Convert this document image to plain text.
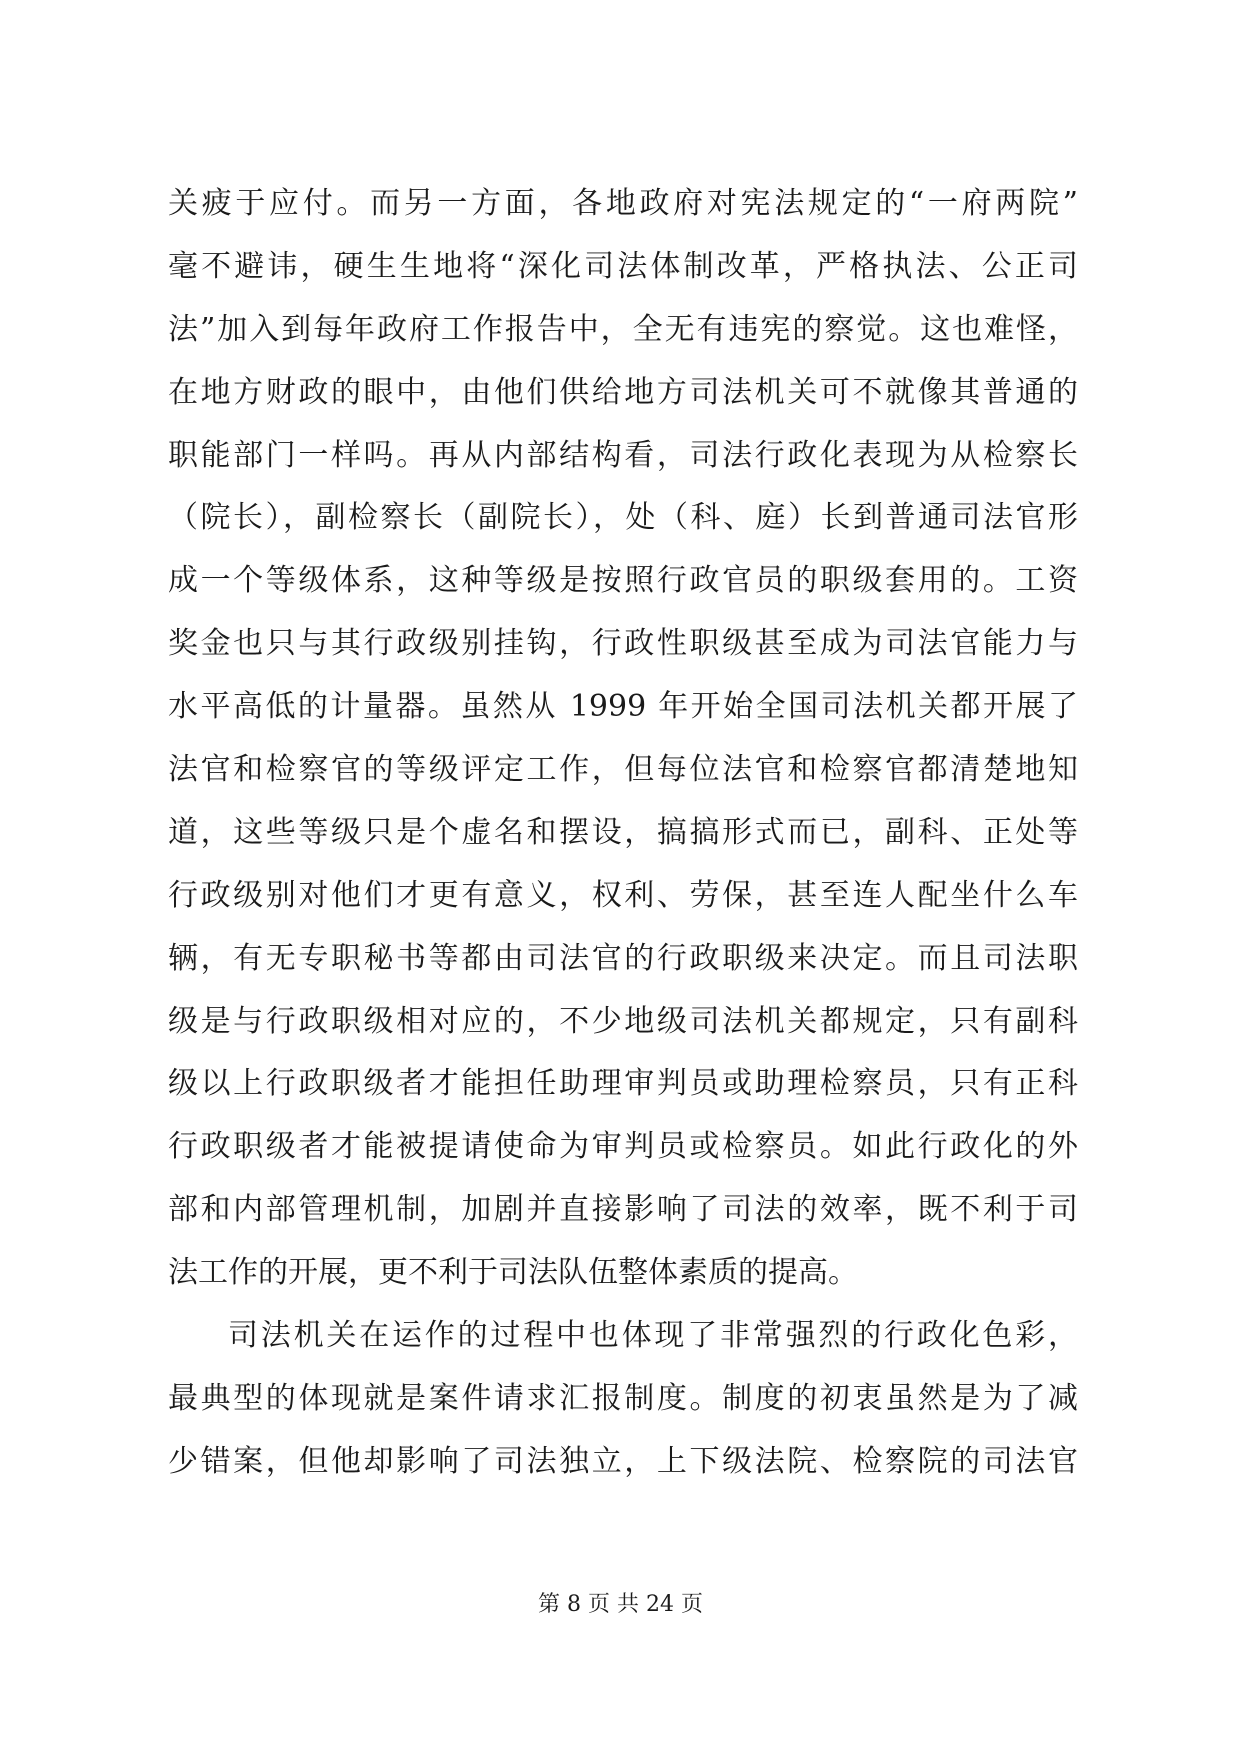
关疲于应付。而另一方面，各地政府对宪法规定的“一府两院”
毫不避讳，硬生生地将“深化司法体制改革，严格执法、公正司
法”加入到每年政府工作报告中，全无有违宪的察觉。这也难怪，
在地方财政的眼中，由他们供给地方司法机关可不就像其普通的
职能部门一样吗。再从内部结构看，司法行政化表现为从检察长
（院长），副检察长（副院长），处（科、庭）长到普通司法官形
成一个等级体系，这种等级是按照行政官员的职级套用的。工资
奖金也只与其行政级别挂钩，行政性职级甚至成为司法官能力与
水平高低的计量器。虽然从 1999 年开始全国司法机关都开展了
法官和检察官的等级评定工作，但每位法官和检察官都清楚地知
道，这些等级只是个虚名和摆设，搞搞形式而已，副科、正处等
行政级别对他们才更有意义，权利、劳保，甚至连人配坐什么车
辆，有无专职秘书等都由司法官的行政职级来决定。而且司法职
级是与行政职级相对应的，不少地级司法机关都规定，只有副科
级以上行政职级者才能担任助理审判员或助理检察员，只有正科
行政职级者才能被提请使命为审判员或检察员。如此行政化的外
部和内部管理机制，加剧并直接影响了司法的效率，既不利于司
法工作的开展，更不利于司法队伍整体素质的提高。
司法机关在运作的过程中也体现了非常强烈的行政化色彩，
最典型的体现就是案件请求汇报制度。制度的初衷虽然是为了减
少错案，但他却影响了司法独立，上下级法院、检察院的司法官
第 8 页 共 24 页
